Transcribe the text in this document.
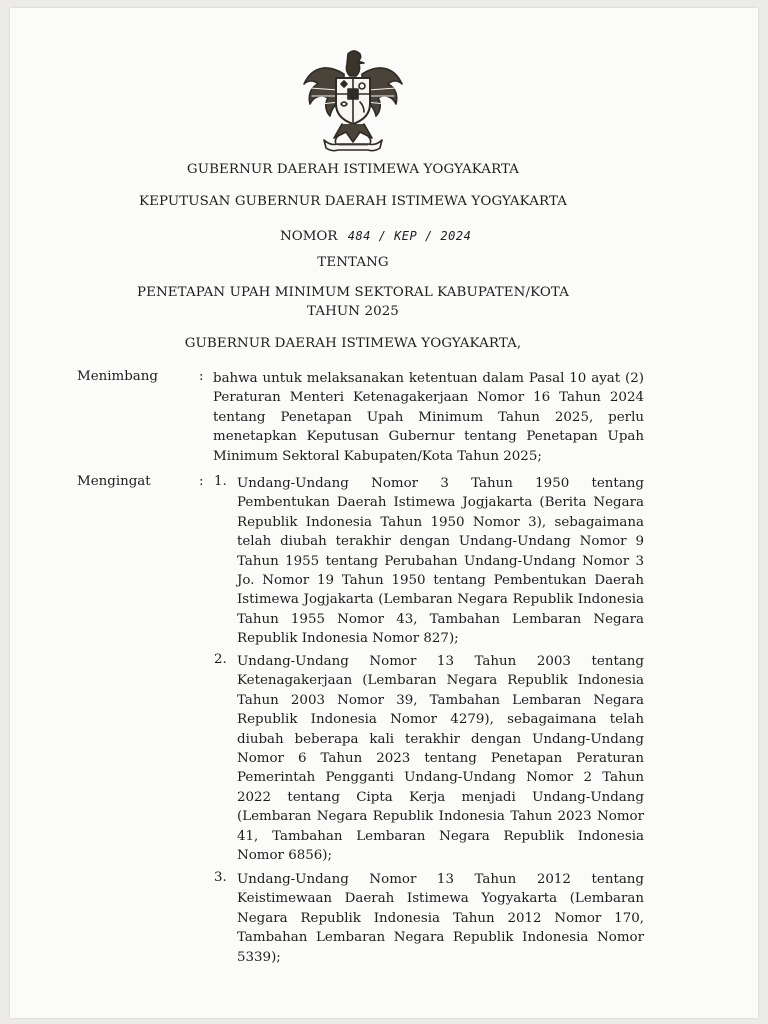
GUBERNUR DAERAH ISTIMEWA YOGYAKARTA
KEPUTUSAN GUBERNUR DAERAH ISTIMEWA YOGYAKARTA
NOMOR 484 / KEP / 2024
TENTANG
PENETAPAN UPAH MINIMUM SEKTORAL KABUPATEN/KOTA
TAHUN 2025
GUBERNUR DAERAH ISTIMEWA YOGYAKARTA,
Menimbang	: bahwa untuk melaksanakan ketentuan dalam Pasal 10 ayat (2) Peraturan Menteri Ketenagakerjaan Nomor 16 Tahun 2024 tentang Penetapan Upah Minimum Tahun 2025, perlu menetapkan Keputusan Gubernur tentang Penetapan Upah Minimum Sektoral Kabupaten/Kota Tahun 2025;

Mengingat	: 1. Undang-Undang Nomor 3 Tahun 1950 tentang Pembentukan Daerah Istimewa Jogjakarta (Berita Negara Republik Indonesia Tahun 1950 Nomor 3), sebagaimana telah diubah terakhir dengan Undang-Undang Nomor 9 Tahun 1955 tentang Perubahan Undang-Undang Nomor 3 Jo. Nomor 19 Tahun 1950 tentang Pembentukan Daerah Istimewa Jogjakarta (Lembaran Negara Republik Indonesia Tahun 1955 Nomor 43, Tambahan Lembaran Negara Republik Indonesia Nomor 827);

2. Undang-Undang Nomor 13 Tahun 2003 tentang Ketenagakerjaan (Lembaran Negara Republik Indonesia Tahun 2003 Nomor 39, Tambahan Lembaran Negara Republik Indonesia Nomor 4279), sebagaimana telah diubah beberapa kali terakhir dengan Undang-Undang Nomor 6 Tahun 2023 tentang Penetapan Peraturan Pemerintah Pengganti Undang-Undang Nomor 2 Tahun 2022 tentang Cipta Kerja menjadi Undang-Undang (Lembaran Negara Republik Indonesia Tahun 2023 Nomor 41, Tambahan Lembaran Negara Republik Indonesia Nomor 6856);

3. Undang-Undang Nomor 13 Tahun 2012 tentang Keistimewaan Daerah Istimewa Yogyakarta (Lembaran Negara Republik Indonesia Tahun 2012 Nomor 170, Tambahan Lembaran Negara Republik Indonesia Nomor 5339);
